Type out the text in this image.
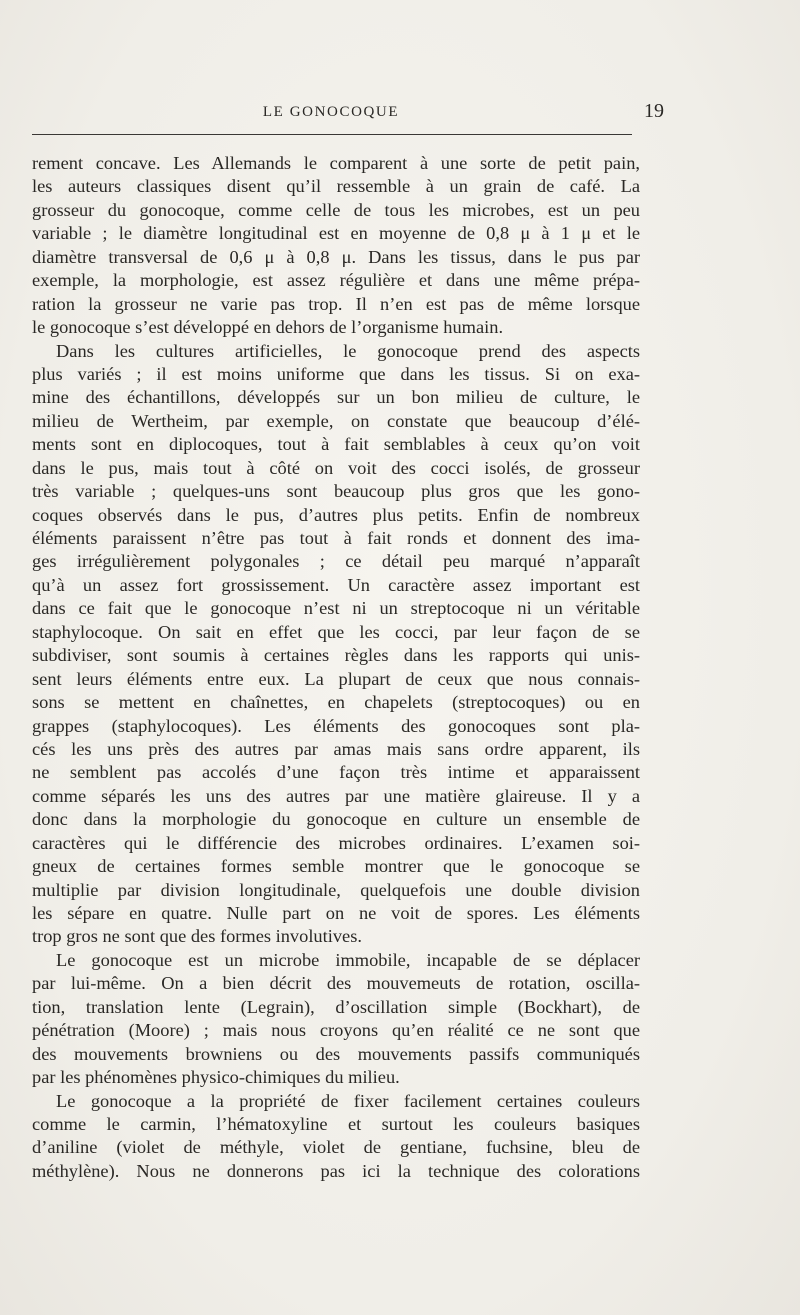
LE GONOCOQUE	19
rement concave. Les Allemands le comparent à une sorte de petit pain,
les auteurs classiques disent qu’il ressemble à un grain de café. La
grosseur du gonocoque, comme celle de tous les microbes, est un peu
variable ; le diamètre longitudinal est en moyenne de 0,8 μ à 1 μ et le
diamètre transversal de 0,6 μ à 0,8 μ. Dans les tissus, dans le pus par
exemple, la morphologie, est assez régulière et dans une même prépa-
ration la grosseur ne varie pas trop. Il n’en est pas de même lorsque
le gonocoque s’est développé en dehors de l’organisme humain.
Dans les cultures artificielles, le gonocoque prend des aspects
plus variés ; il est moins uniforme que dans les tissus. Si on exa-
mine des échantillons, développés sur un bon milieu de culture, le
milieu de Wertheim, par exemple, on constate que beaucoup d’élé-
ments sont en diplocoques, tout à fait semblables à ceux qu’on voit
dans le pus, mais tout à côté on voit des cocci isolés, de grosseur
très variable ; quelques-uns sont beaucoup plus gros que les gono-
coques observés dans le pus, d’autres plus petits. Enfin de nombreux
éléments paraissent n’être pas tout à fait ronds et donnent des ima-
ges irrégulièrement polygonales ; ce détail peu marqué n’apparaît
qu’à un assez fort grossissement. Un caractère assez important est
dans ce fait que le gonocoque n’est ni un streptocoque ni un véritable
staphylocoque. On sait en effet que les cocci, par leur façon de se
subdiviser, sont soumis à certaines règles dans les rapports qui unis-
sent leurs éléments entre eux. La plupart de ceux que nous connais-
sons se mettent en chaînettes, en chapelets (streptocoques) ou en
grappes (staphylocoques). Les éléments des gonocoques sont pla-
cés les uns près des autres par amas mais sans ordre apparent, ils
ne semblent pas accolés d’une façon très intime et apparaissent
comme séparés les uns des autres par une matière glaireuse. Il y a
donc dans la morphologie du gonocoque en culture un ensemble de
caractères qui le différencie des microbes ordinaires. L’examen soi-
gneux de certaines formes semble montrer que le gonocoque se
multiplie par division longitudinale, quelquefois une double division
les sépare en quatre. Nulle part on ne voit de spores. Les éléments
trop gros ne sont que des formes involutives.
Le gonocoque est un microbe immobile, incapable de se déplacer
par lui-même. On a bien décrit des mouvemeuts de rotation, oscilla-
tion, translation lente (Legrain), d’oscillation simple (Bockhart), de
pénétration (Moore) ; mais nous croyons qu’en réalité ce ne sont que
des mouvements browniens ou des mouvements passifs communiqués
par les phénomènes physico-chimiques du milieu.
Le gonocoque a la propriété de fixer facilement certaines couleurs
comme le carmin, l’hématoxyline et surtout les couleurs basiques
d’aniline (violet de méthyle, violet de gentiane, fuchsine, bleu de
méthylène). Nous ne donnerons pas ici la technique des colorations
